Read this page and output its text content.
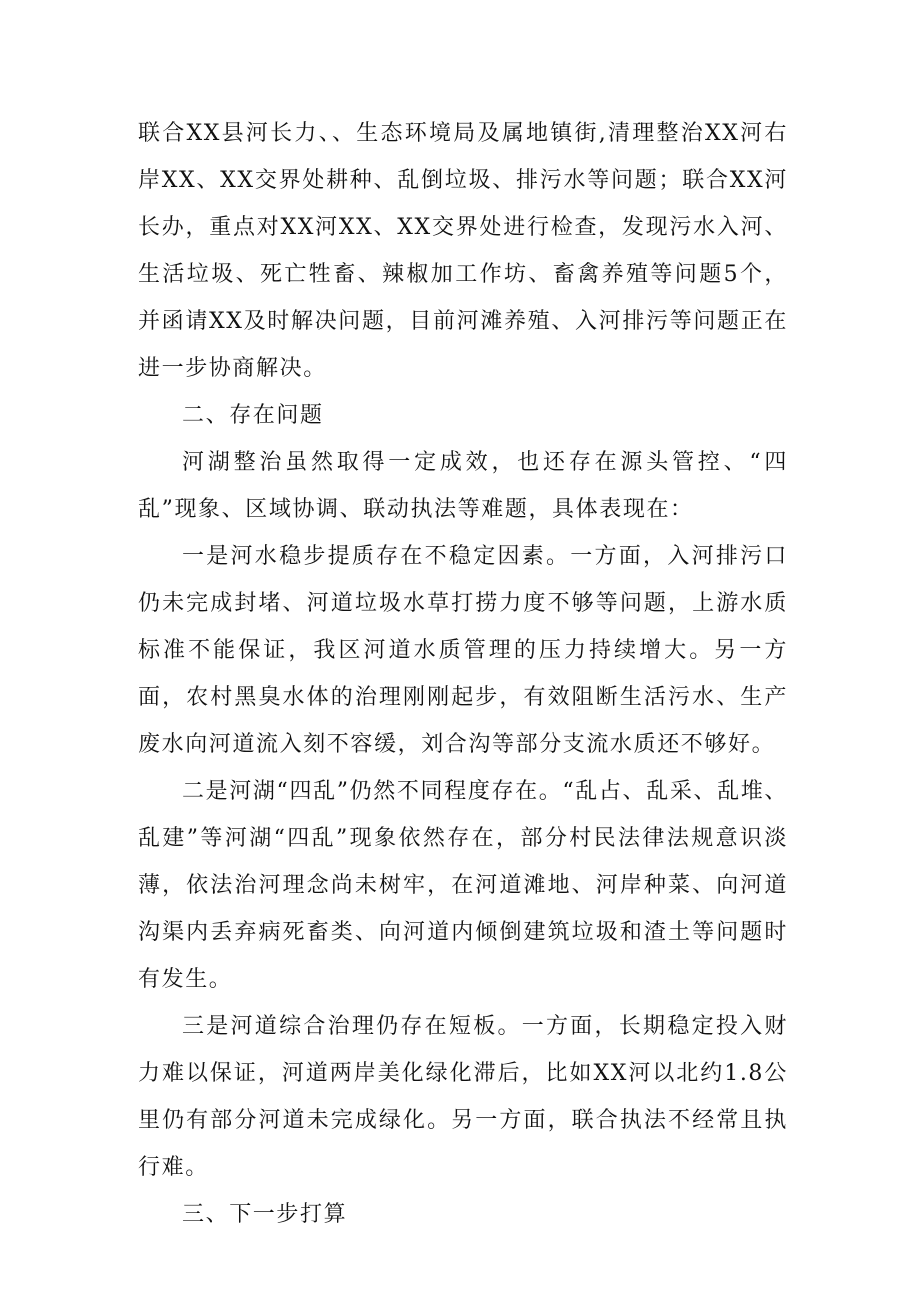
联合XX县河长力、、生态环境局及属地镇街,清理整治XX河右岸XX、XX交界处耕种、乱倒垃圾、排污水等问题；联合XX河长办，重点对XX河XX、XX交界处进行检查，发现污水入河、生活垃圾、死亡牲畜、辣椒加工作坊、畜禽养殖等问题5个，并函请XX及时解决问题，目前河滩养殖、入河排污等问题正在进一步协商解决。

二、存在问题

河湖整治虽然取得一定成效，也还存在源头管控、“四乱”现象、区域协调、联动执法等难题，具体表现在：

一是河水稳步提质存在不稳定因素。一方面，入河排污口仍未完成封堵、河道垃圾水草打捞力度不够等问题，上游水质标准不能保证，我区河道水质管理的压力持续增大。另一方面，农村黑臭水体的治理刚刚起步，有效阻断生活污水、生产废水向河道流入刻不容缓，刘合沟等部分支流水质还不够好。

二是河湖“四乱”仍然不同程度存在。“乱占、乱采、乱堆、乱建”等河湖“四乱”现象依然存在，部分村民法律法规意识淡薄，依法治河理念尚未树牢，在河道滩地、河岸种菜、向河道沟渠内丢弃病死畜类、向河道内倾倒建筑垃圾和渣土等问题时有发生。

三是河道综合治理仍存在短板。一方面，长期稳定投入财力难以保证，河道两岸美化绿化滞后，比如XX河以北约1.8公里仍有部分河道未完成绿化。另一方面，联合执法不经常且执行难。

三、下一步打算
